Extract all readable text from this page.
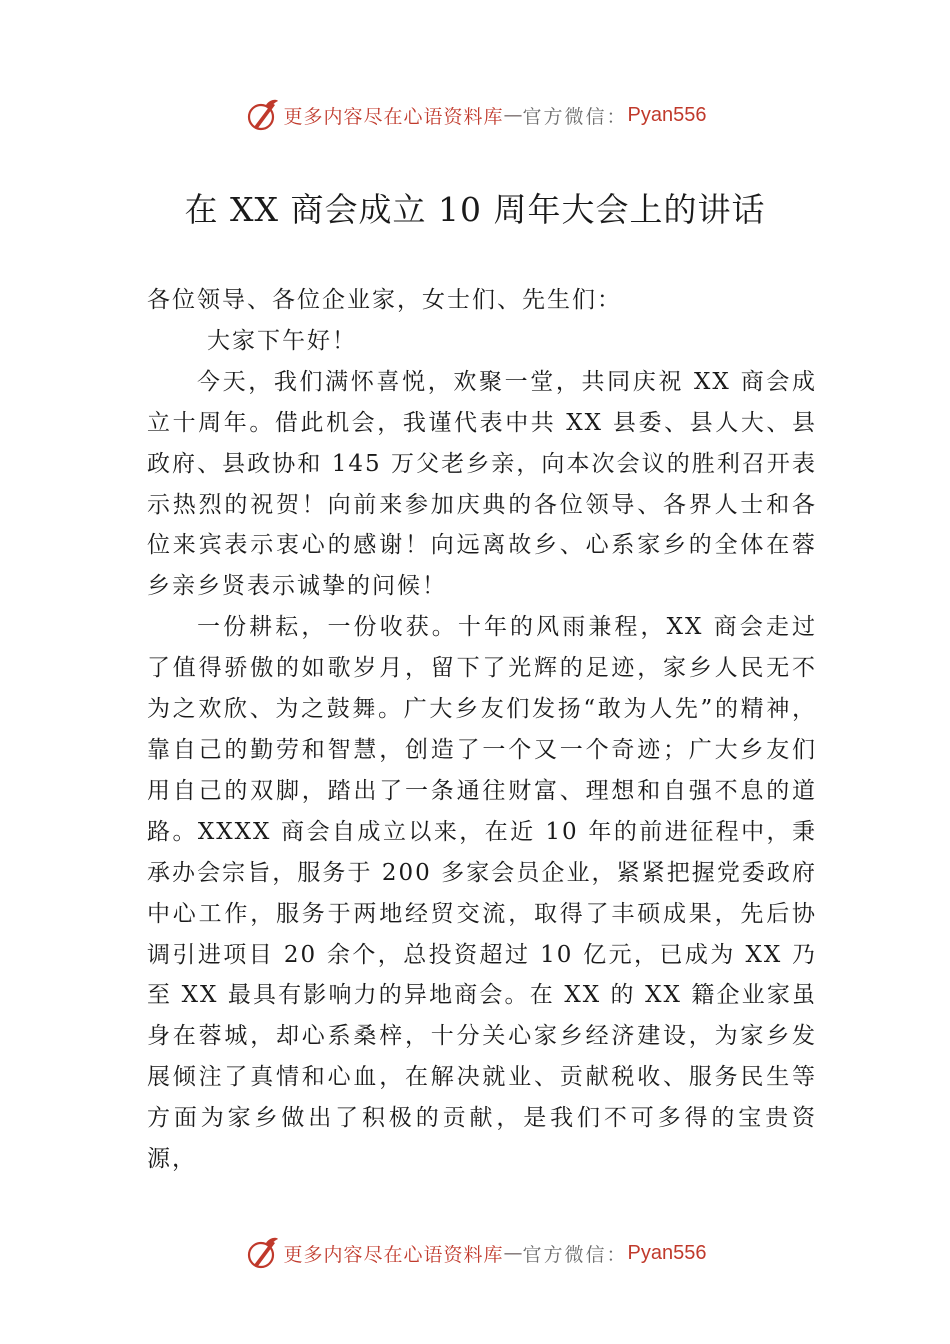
更多内容尽在心语资料库 — 官方微信： Pyan556
在 XX 商会成立 10 周年大会上的讲话

各位领导、各位企业家，女士们、先生们：

大家下午好！

今天，我们满怀喜悦，欢聚一堂，共同庆祝 XX 商会成立十周年。借此机会，我谨代表中共 XX 县委、县人大、县政府、县政协和 145 万父老乡亲，向本次会议的胜利召开表示热烈的祝贺！向前来参加庆典的各位领导、各界人士和各位来宾表示衷心的感谢！向远离故乡、心系家乡的全体在蓉乡亲乡贤表示诚挚的问候！

一份耕耘，一份收获。十年的风雨兼程，XX 商会走过了值得骄傲的如歌岁月，留下了光辉的足迹，家乡人民无不为之欢欣、为之鼓舞。广大乡友们发扬“敢为人先”的精神，靠自己的勤劳和智慧，创造了一个又一个奇迹；广大乡友们用自己的双脚，踏出了一条通往财富、理想和自强不息的道路。XXXX 商会自成立以来，在近 10 年的前进征程中，秉承办会宗旨，服务于 200 多家会员企业，紧紧把握党委政府中心工作，服务于两地经贸交流，取得了丰硕成果，先后协调引进项目 20 余个，总投资超过 10 亿元，已成为 XX 乃至 XX 最具有影响力的异地商会。在 XX 的 XX 籍企业家虽身在蓉城，却心系桑梓，十分关心家乡经济建设，为家乡发展倾注了真情和心血，在解决就业、贡献税收、服务民生等方面为家乡做出了积极的贡献，是我们不可多得的宝贵资源，

更多内容尽在心语资料库 — 官方微信： Pyan556
